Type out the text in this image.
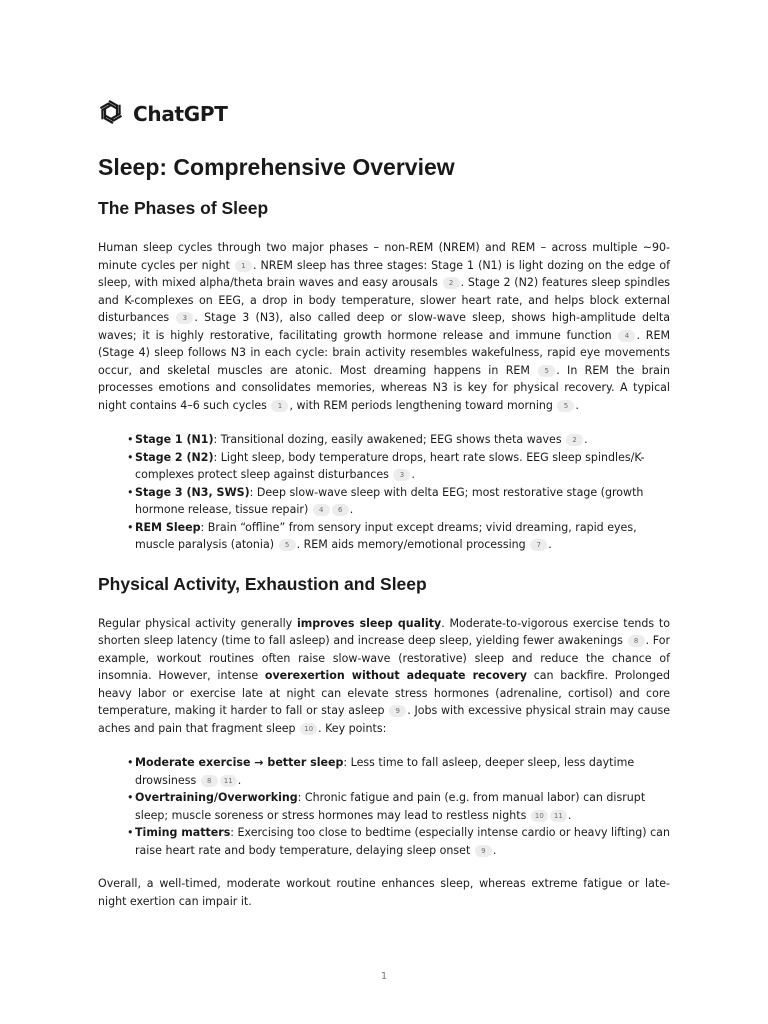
ChatGPT
Sleep: Comprehensive Overview
The Phases of Sleep

Human sleep cycles through two major phases – non-REM (NREM) and REM – across multiple ~90-minute cycles per night 1 . NREM sleep has three stages: Stage 1 (N1) is light dozing on the edge of sleep, with mixed alpha/theta brain waves and easy arousals 2 . Stage 2 (N2) features sleep spindles and K-complexes on EEG, a drop in body temperature, slower heart rate, and helps block external disturbances 3 . Stage 3 (N3), also called deep or slow-wave sleep, shows high-amplitude delta waves; it is highly restorative, facilitating growth hormone release and immune function 4 . REM (Stage 4) sleep follows N3 in each cycle: brain activity resembles wakefulness, rapid eye movements occur, and skeletal muscles are atonic. Most dreaming happens in REM 5 . In REM the brain processes emotions and consolidates memories, whereas N3 is key for physical recovery. A typical night contains 4–6 such cycles 1 , with REM periods lengthening toward morning 5 .

• Stage 1 (N1): Transitional dozing, easily awakened; EEG shows theta waves 2 .
• Stage 2 (N2): Light sleep, body temperature drops, heart rate slows. EEG sleep spindles/K-complexes protect sleep against disturbances 3 .
• Stage 3 (N3, SWS): Deep slow-wave sleep with delta EEG; most restorative stage (growth hormone release, tissue repair) 4 6 .
• REM Sleep: Brain “offline” from sensory input except dreams; vivid dreaming, rapid eyes, muscle paralysis (atonia) 5 . REM aids memory/emotional processing 7 .
Physical Activity, Exhaustion and Sleep

Regular physical activity generally improves sleep quality. Moderate-to-vigorous exercise tends to shorten sleep latency (time to fall asleep) and increase deep sleep, yielding fewer awakenings 8 . For example, workout routines often raise slow-wave (restorative) sleep and reduce the chance of insomnia. However, intense overexertion without adequate recovery can backfire. Prolonged heavy labor or exercise late at night can elevate stress hormones (adrenaline, cortisol) and core temperature, making it harder to fall or stay asleep 9 . Jobs with excessive physical strain may cause aches and pain that fragment sleep 10 . Key points:

• Moderate exercise → better sleep: Less time to fall asleep, deeper sleep, less daytime drowsiness 8 11 .
• Overtraining/Overworking: Chronic fatigue and pain (e.g. from manual labor) can disrupt sleep; muscle soreness or stress hormones may lead to restless nights 10 11 .
• Timing matters: Exercising too close to bedtime (especially intense cardio or heavy lifting) can raise heart rate and body temperature, delaying sleep onset 9 .

Overall, a well-timed, moderate workout routine enhances sleep, whereas extreme fatigue or late-night exertion can impair it.

1
